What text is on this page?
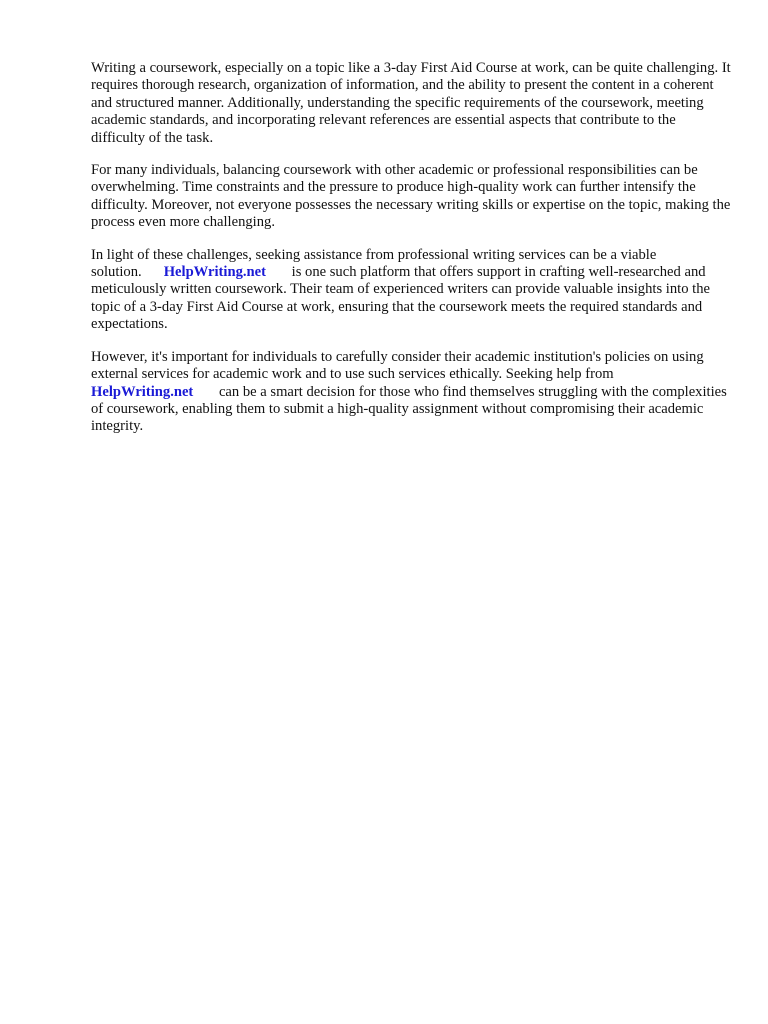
Writing a coursework, especially on a topic like a 3-day First Aid Course at work, can be quite challenging. It requires thorough research, organization of information, and the ability to present the content in a coherent and structured manner. Additionally, understanding the specific requirements of the coursework, meeting academic standards, and incorporating relevant references are essential aspects that contribute to the difficulty of the task.

For many individuals, balancing coursework with other academic or professional responsibilities can be overwhelming. Time constraints and the pressure to produce high-quality work can further intensify the difficulty. Moreover, not everyone possesses the necessary writing skills or expertise on the topic, making the process even more challenging.

In light of these challenges, seeking assistance from professional writing services can be a viable solution. HelpWriting.net is one such platform that offers support in crafting well-researched and meticulously written coursework. Their team of experienced writers can provide valuable insights into the topic of a 3-day First Aid Course at work, ensuring that the coursework meets the required standards and expectations.

However, it's important for individuals to carefully consider their academic institution's policies on using external services for academic work and to use such services ethically. Seeking help from HelpWriting.net can be a smart decision for those who find themselves struggling with the complexities of coursework, enabling them to submit a high-quality assignment without compromising their academic integrity.
